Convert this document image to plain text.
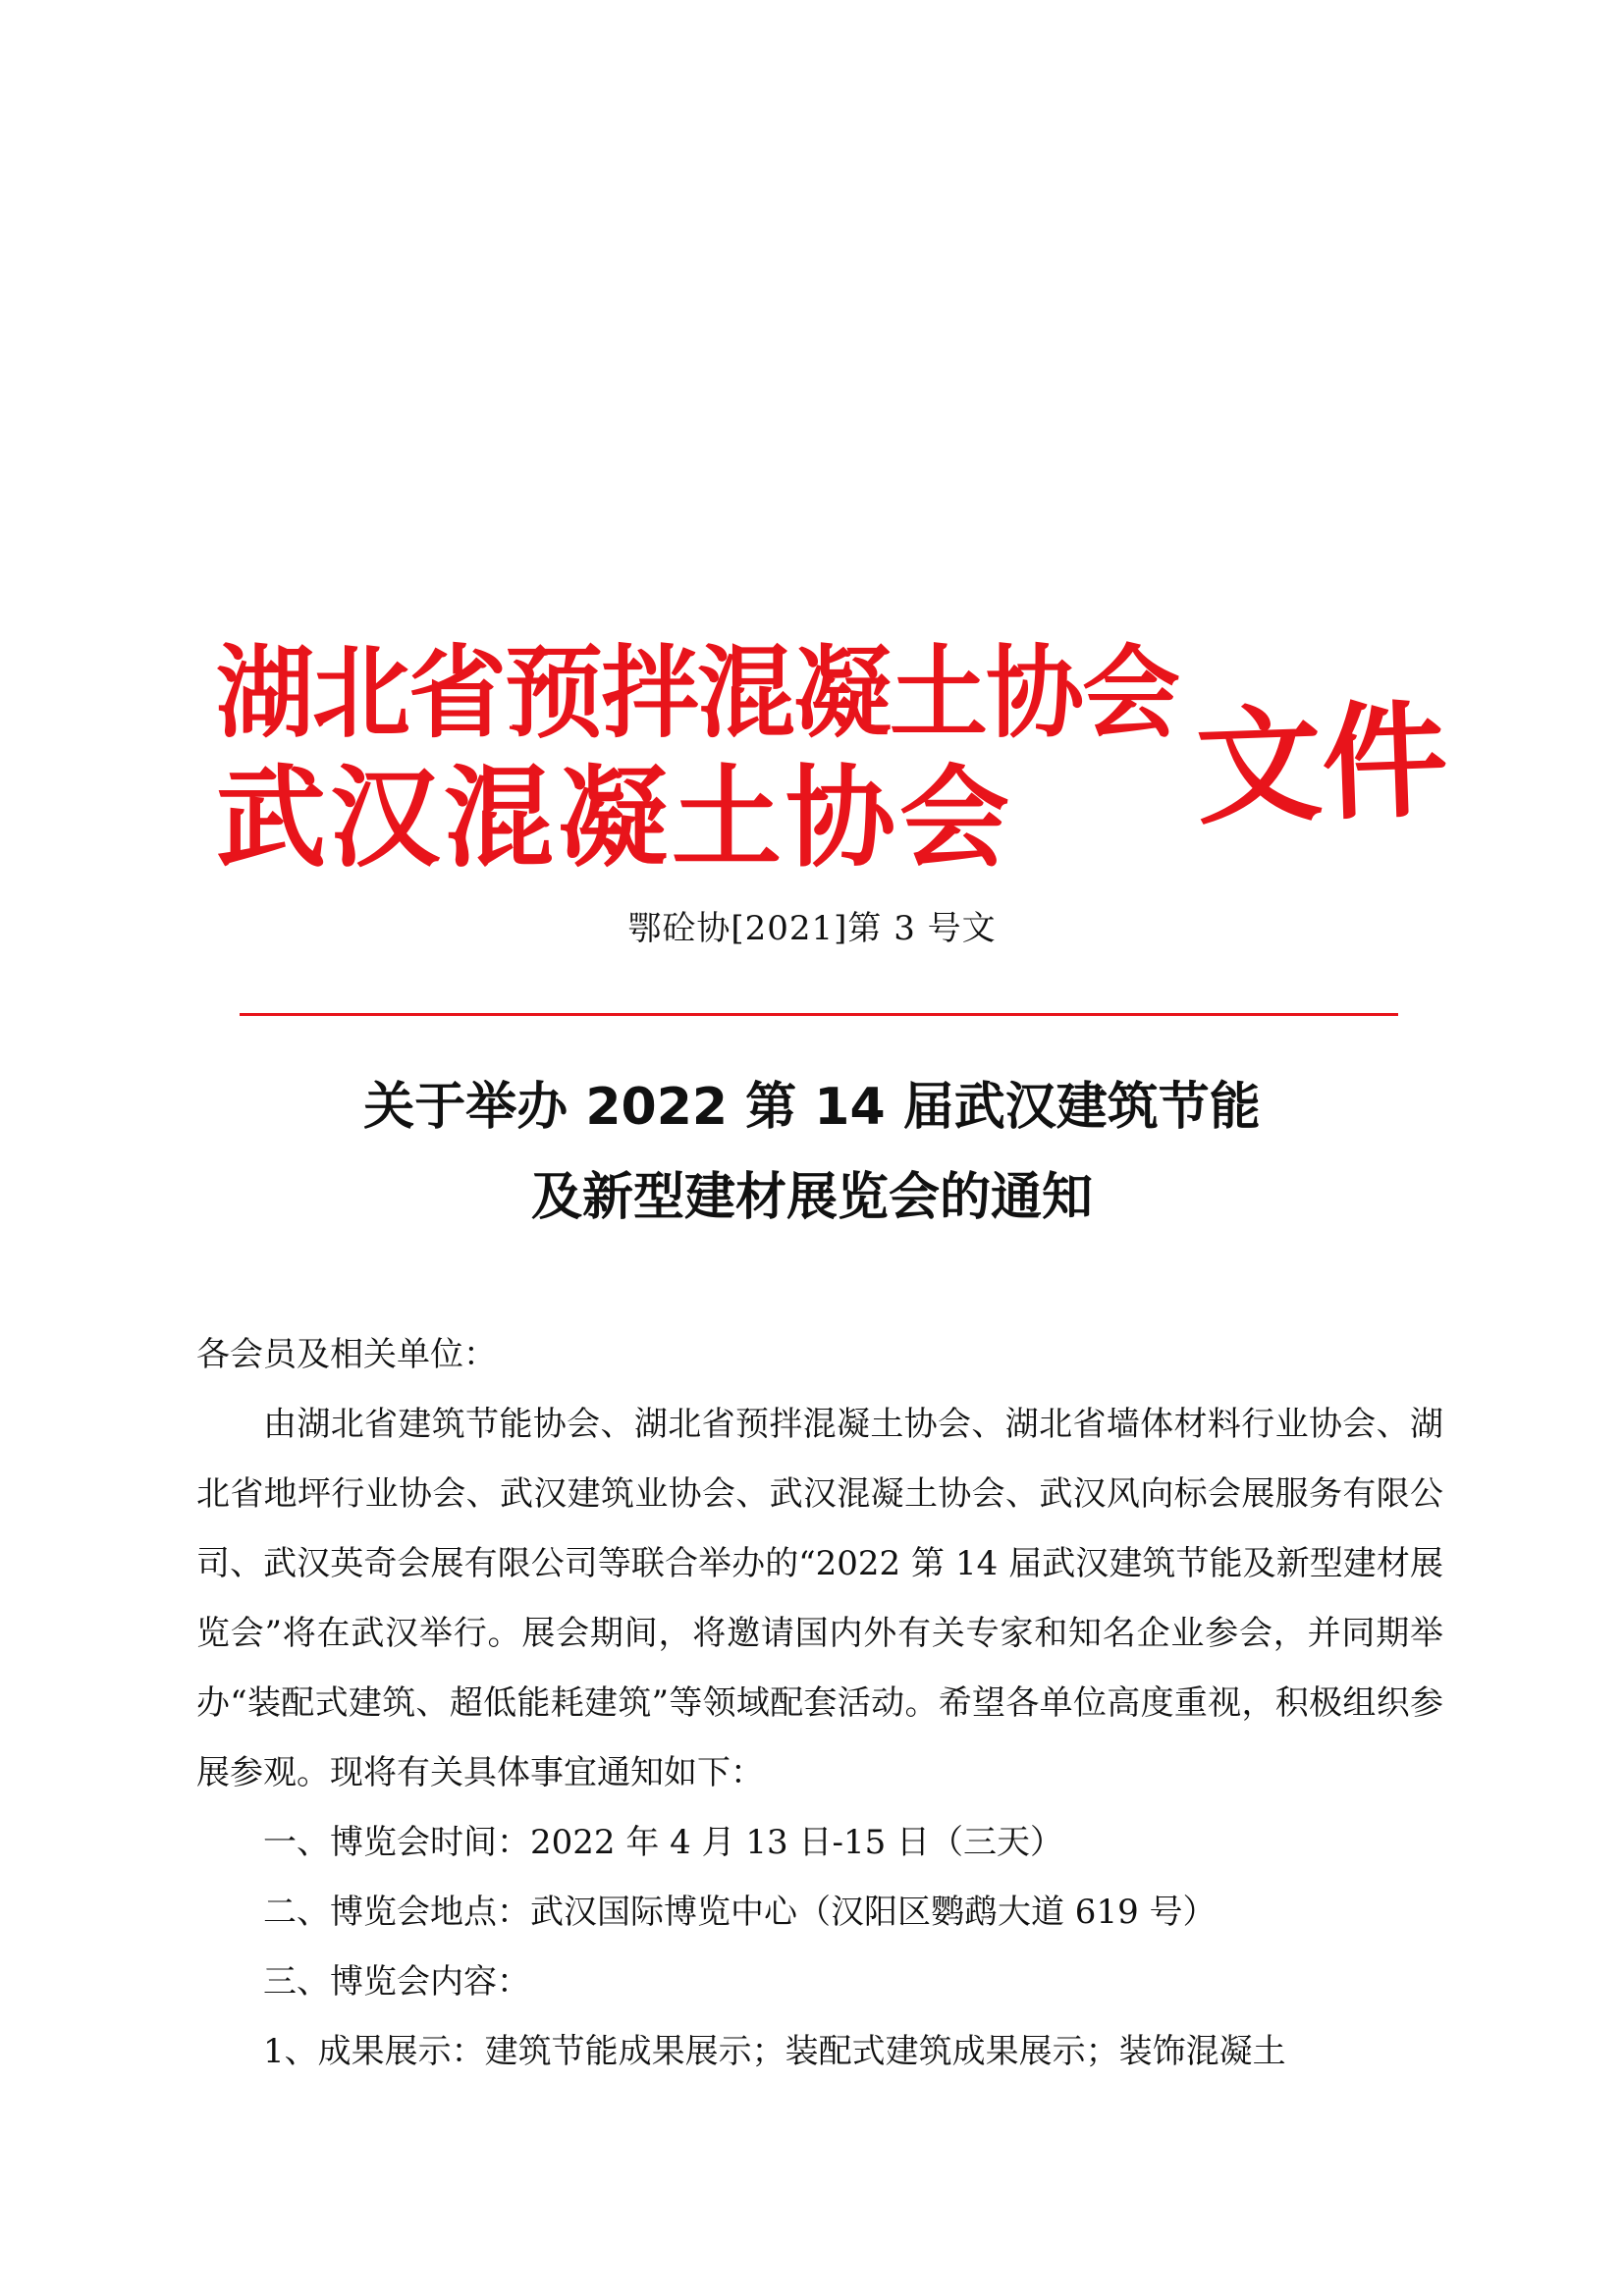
湖北省预拌混凝土协会
武汉混凝土协会 文件
鄂砼协[2021]第 3 号文
关于举办 2022 第 14 届武汉建筑节能
及新型建材展览会的通知

各会员及相关单位：

由湖北省建筑节能协会、湖北省预拌混凝土协会、湖北省墙体材料行业协会、湖北省地坪行业协会、武汉建筑业协会、武汉混凝土协会、武汉风向标会展服务有限公司、武汉英奇会展有限公司等联合举办的“2022 第 14 届武汉建筑节能及新型建材展览会”将在武汉举行。展会期间，将邀请国内外有关专家和知名企业参会，并同期举办“装配式建筑、超低能耗建筑”等领域配套活动。希望各单位高度重视，积极组织参展参观。现将有关具体事宜通知如下：

一、博览会时间：2022 年 4 月 13 日-15 日（三天）

二、博览会地点：武汉国际博览中心（汉阳区鹦鹉大道 619 号）

三、博览会内容：

1、成果展示：建筑节能成果展示；装配式建筑成果展示；装饰混凝土
